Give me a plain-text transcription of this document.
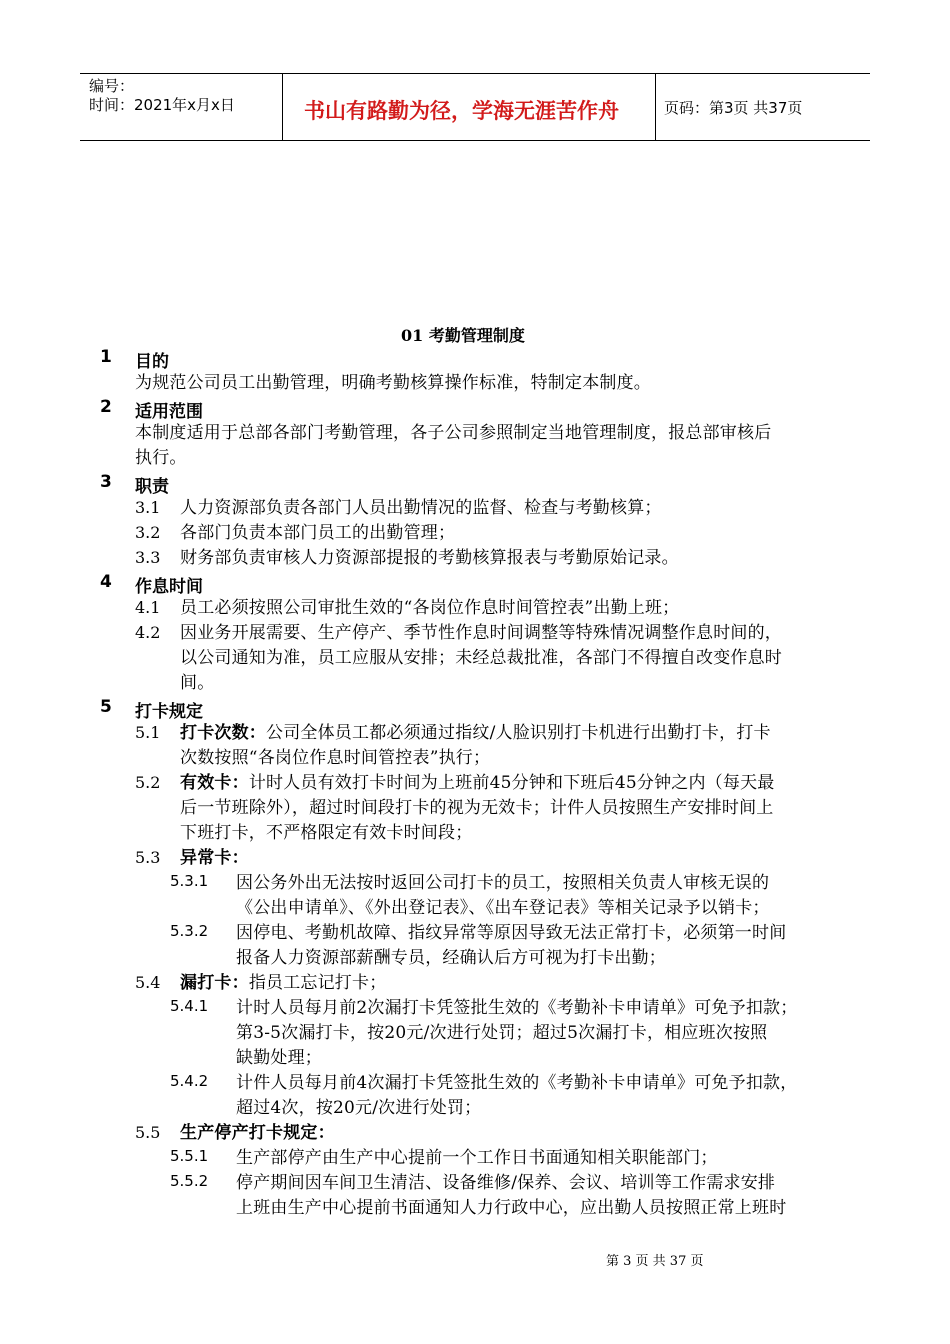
编号：
时间：2021年x月x日	书山有路勤为径，学海无涯苦作舟	页码：第3页 共37页
01 考勤管理制度
1 目的
为规范公司员工出勤管理，明确考勤核算操作标准，特制定本制度。
2 适用范围
本制度适用于总部各部门考勤管理，各子公司参照制定当地管理制度，报总部审核后
执行。
3 职责
3.1 人力资源部负责各部门人员出勤情况的监督、检查与考勤核算；
3.2 各部门负责本部门员工的出勤管理；
3.3 财务部负责审核人力资源部提报的考勤核算报表与考勤原始记录。
4 作息时间
4.1 员工必须按照公司审批生效的“各岗位作息时间管控表”出勤上班；
4.2 因业务开展需要、生产停产、季节性作息时间调整等特殊情况调整作息时间的，
以公司通知为准，员工应服从安排；未经总裁批准，各部门不得擅自改变作息时
间。
5 打卡规定
5.1 打卡次数：公司全体员工都必须通过指纹/人脸识别打卡机进行出勤打卡，打卡
次数按照“各岗位作息时间管控表”执行；
5.2 有效卡：计时人员有效打卡时间为上班前45分钟和下班后45分钟之内（每天最
后一节班除外），超过时间段打卡的视为无效卡；计件人员按照生产安排时间上
下班打卡，不严格限定有效卡时间段；
5.3 异常卡：
5.3.1 因公务外出无法按时返回公司打卡的员工，按照相关负责人审核无误的
《公出申请单》、《外出登记表》、《出车登记表》等相关记录予以销卡；
5.3.2 因停电、考勤机故障、指纹异常等原因导致无法正常打卡，必须第一时间
报备人力资源部薪酬专员，经确认后方可视为打卡出勤；
5.4 漏打卡：指员工忘记打卡；
5.4.1 计时人员每月前2次漏打卡凭签批生效的《考勤补卡申请单》可免予扣款；
第3-5次漏打卡，按20元/次进行处罚；超过5次漏打卡，相应班次按照
缺勤处理；
5.4.2 计件人员每月前4次漏打卡凭签批生效的《考勤补卡申请单》可免予扣款，
超过4次，按20元/次进行处罚；
5.5 生产停产打卡规定：
5.5.1 生产部停产由生产中心提前一个工作日书面通知相关职能部门；
5.5.2 停产期间因车间卫生清洁、设备维修/保养、会议、培训等工作需求安排
上班由生产中心提前书面通知人力行政中心，应出勤人员按照正常上班时
第 3 页 共 37 页
